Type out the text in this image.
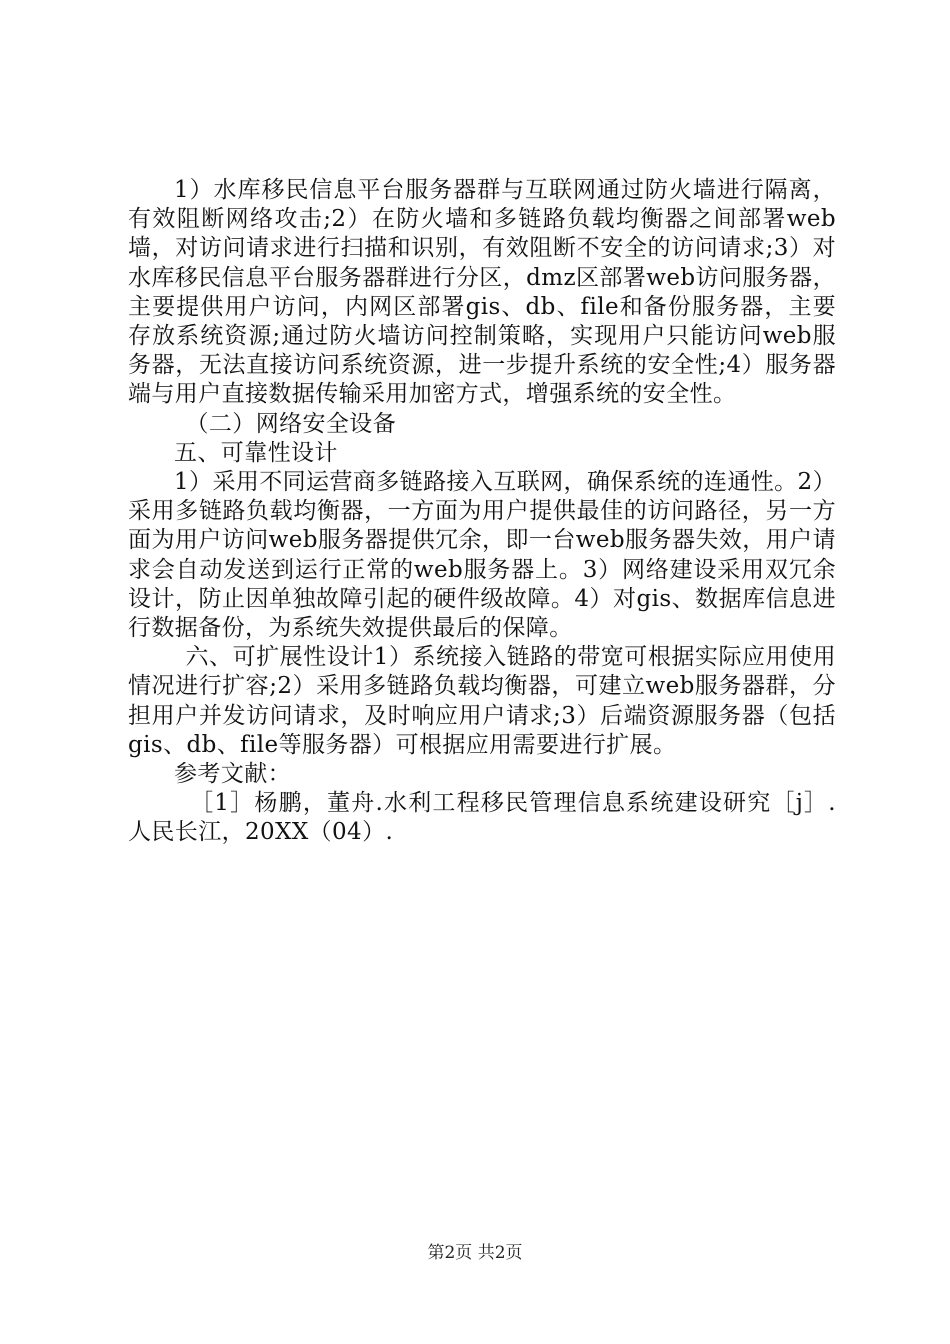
1）水库移民信息平台服务器群与互联网通过防火墙进行隔离，有效阻断网络攻击;2）在防火墙和多链路负载均衡器之间部署web墙，对访问请求进行扫描和识别，有效阻断不安全的访问请求;3）对水库移民信息平台服务器群进行分区，dmz区部署web访问服务器，主要提供用户访问，内网区部署gis、db、file和备份服务器，主要存放系统资源;通过防火墙访问控制策略，实现用户只能访问web服务器，无法直接访问系统资源，进一步提升系统的安全性;4）服务器端与用户直接数据传输采用加密方式，增强系统的安全性。

（二）网络安全设备

五、可靠性设计

1）采用不同运营商多链路接入互联网，确保系统的连通性。2）采用多链路负载均衡器，一方面为用户提供最佳的访问路径，另一方面为用户访问web服务器提供冗余，即一台web服务器失效，用户请求会自动发送到运行正常的web服务器上。3）网络建设采用双冗余设计，防止因单独故障引起的硬件级故障。4）对gis、数据库信息进行数据备份，为系统失效提供最后的保障。

六、可扩展性设计1）系统接入链路的带宽可根据实际应用使用情况进行扩容;2）采用多链路负载均衡器，可建立web服务器群，分担用户并发访问请求，及时响应用户请求;3）后端资源服务器（包括gis、db、file等服务器）可根据应用需要进行扩展。

参考文献：

［1］杨鹏，董舟.水利工程移民管理信息系统建设研究［j］.人民长江，20XX（04）.

第2页 共2页
